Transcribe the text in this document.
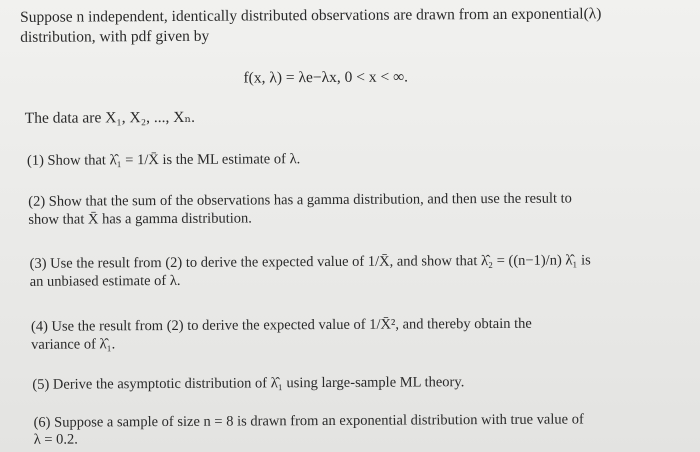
Suppose n independent, identically distributed observations are drawn from an exponential(λ)
distribution, with pdf given by
f(x, λ) = λe−λx, 0 < x < ∞.
The data are X₁, X₂, ..., Xₙ.
(1) Show that λ̂₁ = 1/X̄ is the ML estimate of λ.
(2) Show that the sum of the observations has a gamma distribution, and then use the result to
show that X̄ has a gamma distribution.
(3) Use the result from (2) to derive the expected value of 1/X̄, and show that λ̂₂ = ((n−1)/n) λ̂₁ is
an unbiased estimate of λ.
(4) Use the result from (2) to derive the expected value of 1/X̄², and thereby obtain the
variance of λ̂₁.
(5) Derive the asymptotic distribution of λ̂₁ using large-sample ML theory.
(6) Suppose a sample of size n = 8 is drawn from an exponential distribution with true value of
λ = 0.2.
